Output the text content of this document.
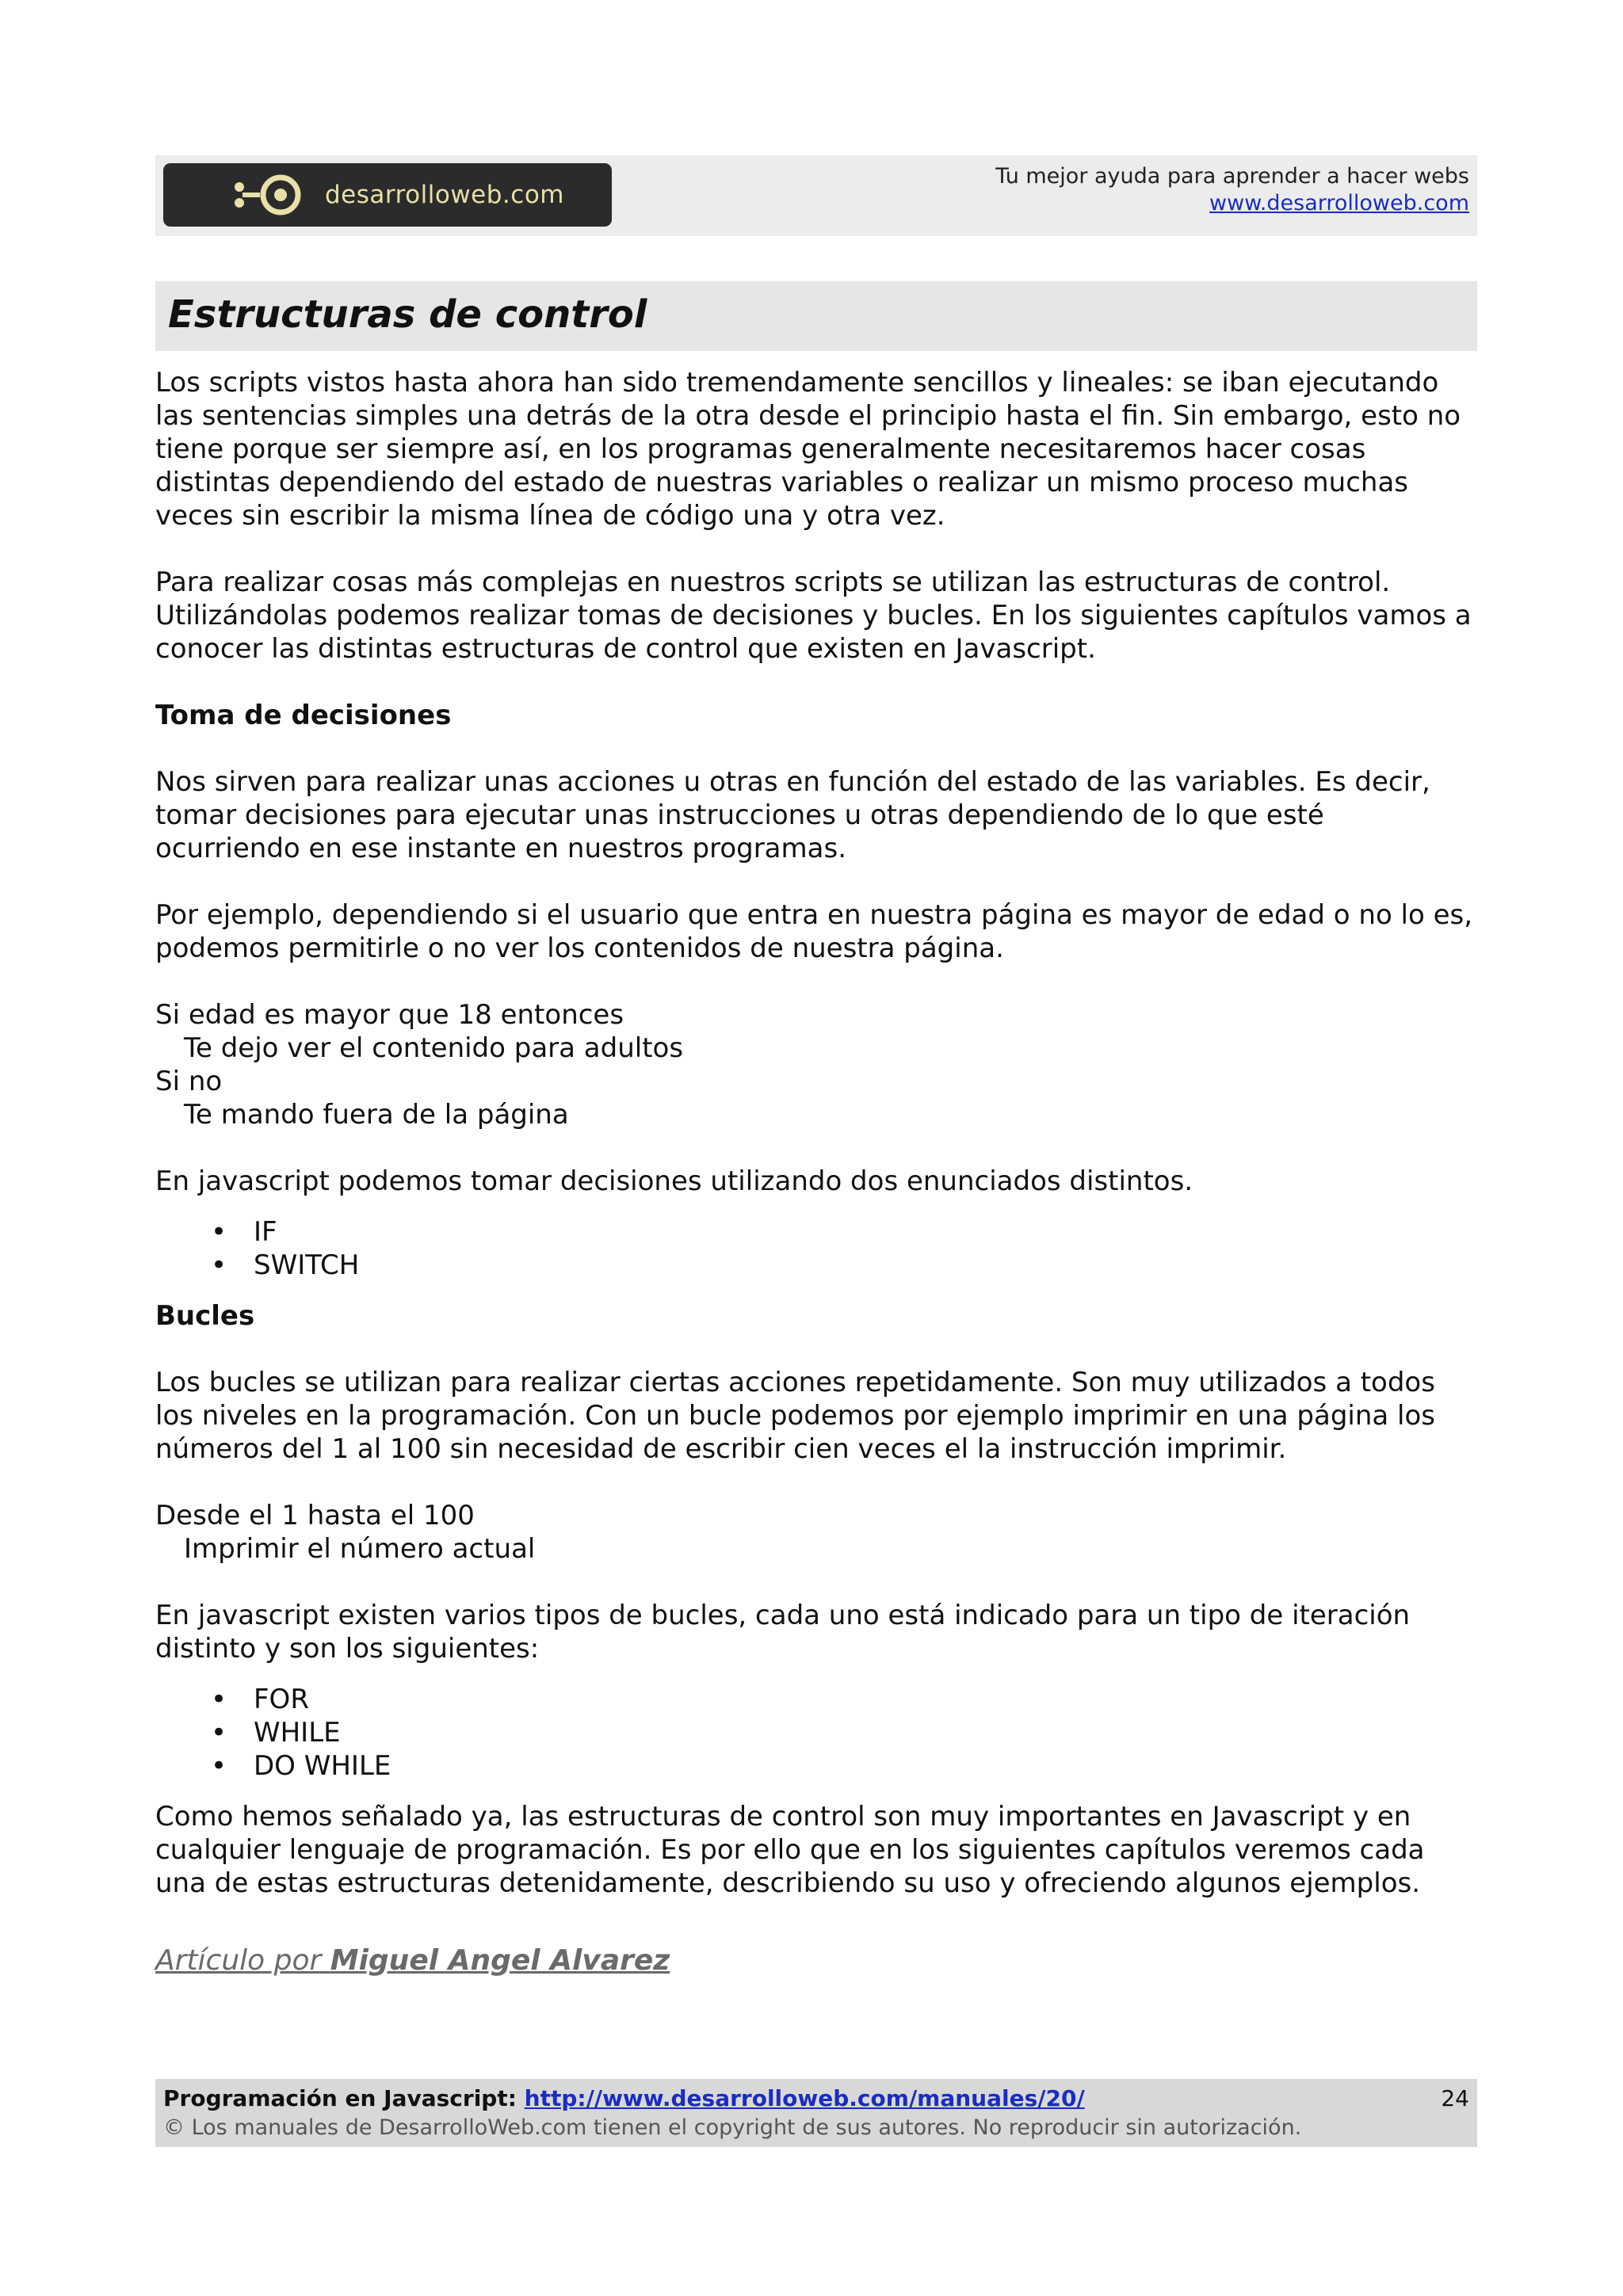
desarrolloweb.com
Tu mejor ayuda para aprender a hacer webs
www.desarrolloweb.com
Estructuras de control

Los scripts vistos hasta ahora han sido tremendamente sencillos y lineales: se iban ejecutando las sentencias simples una detrás de la otra desde el principio hasta el fin. Sin embargo, esto no tiene porque ser siempre así, en los programas generalmente necesitaremos hacer cosas distintas dependiendo del estado de nuestras variables o realizar un mismo proceso muchas veces sin escribir la misma línea de código una y otra vez.

Para realizar cosas más complejas en nuestros scripts se utilizan las estructuras de control. Utilizándolas podemos realizar tomas de decisiones y bucles. En los siguientes capítulos vamos a conocer las distintas estructuras de control que existen en Javascript.

Toma de decisiones

Nos sirven para realizar unas acciones u otras en función del estado de las variables. Es decir, tomar decisiones para ejecutar unas instrucciones u otras dependiendo de lo que esté ocurriendo en ese instante en nuestros programas.

Por ejemplo, dependiendo si el usuario que entra en nuestra página es mayor de edad o no lo es, podemos permitirle o no ver los contenidos de nuestra página.

Si edad es mayor que 18 entonces

Te dejo ver el contenido para adultos

Si no

Te mando fuera de la página

En javascript podemos tomar decisiones utilizando dos enunciados distintos.

• IF
• SWITCH

Bucles

Los bucles se utilizan para realizar ciertas acciones repetidamente. Son muy utilizados a todos los niveles en la programación. Con un bucle podemos por ejemplo imprimir en una página los números del 1 al 100 sin necesidad de escribir cien veces el la instrucción imprimir.

Desde el 1 hasta el 100

Imprimir el número actual

En javascript existen varios tipos de bucles, cada uno está indicado para un tipo de iteración distinto y son los siguientes:

• FOR
• WHILE
• DO WHILE

Como hemos señalado ya, las estructuras de control son muy importantes en Javascript y en cualquier lenguaje de programación. Es por ello que en los siguientes capítulos veremos cada una de estas estructuras detenidamente, describiendo su uso y ofreciendo algunos ejemplos.

Artículo por Miguel Angel Alvarez

Programación en Javascript: http://www.desarrolloweb.com/manuales/20/	24
© Los manuales de DesarrolloWeb.com tienen el copyright de sus autores. No reproducir sin autorización.
